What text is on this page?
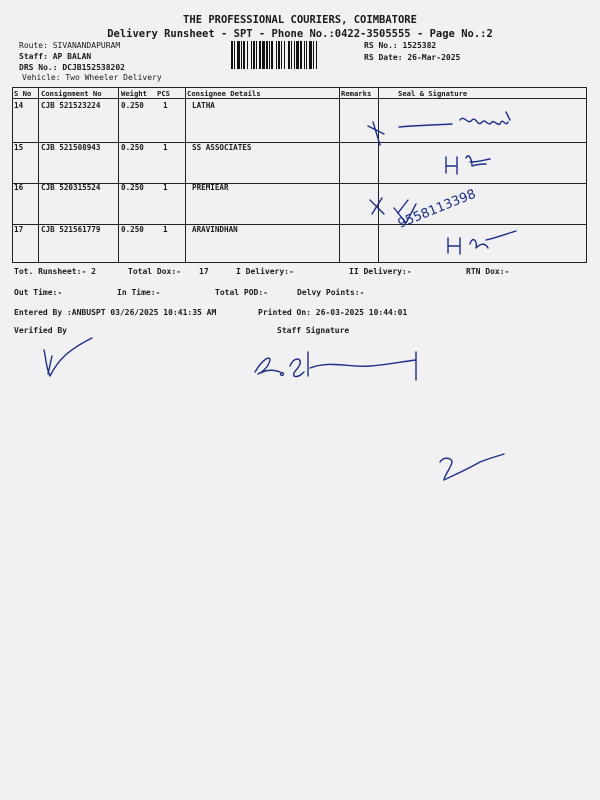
THE PROFESSIONAL COURIERS, COIMBATORE
Delivery Runsheet - SPT - Phone No.:0422-3505555 - Page No.:2
Route: SIVANANDAPURAM
Staff: AP BALAN
DRS No.: DCJB152538202
Vehicle: Two Wheeler Delivery
RS No.: 1525382
RS Date: 26-Mar-2025
S No Consignment No	Weight PCS Consignee Details	Remarks	Seal & Signature
14 CJB 521523224	0.250	1	LATHA
15 CJB 521508943	0.250	1	SS ASSOCIATES
16 CJB 520315524	0.250	1	PREMIEAR
17 CJB 521561779	0.250	1	ARAVINDHAN
Tot. Runsheet:- 2	Total Dox:- 17	I Delivery:-	II Delivery:-	RTN Dox:-
Out Time:-	In Time:-	Total POD:-	Delvy Points:-
Entered By :ANBUSPT 03/26/2025 10:41:35 AM	Printed On: 26-03-2025 10:44:01
Verified By	Staff Signature
9558113398
